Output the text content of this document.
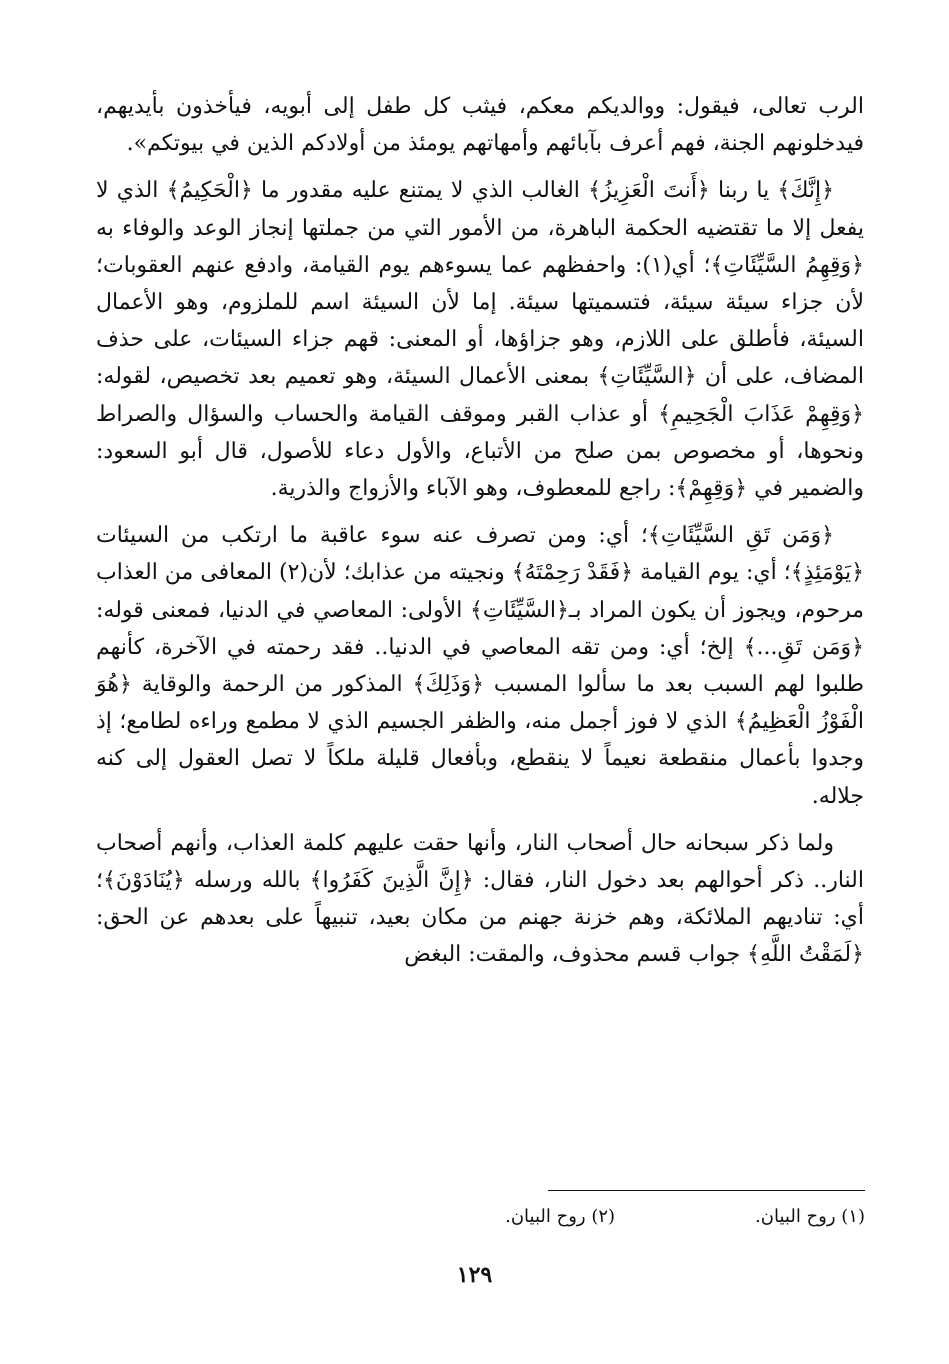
الرب تعالى، فيقول: ووالديكم معكم، فيثب كل طفل إلى أبويه، فيأخذون بأيديهم، فيدخلونهم الجنة، فهم أعرف بآبائهم وأمهاتهم يومئذ من أولادكم الذين في بيوتكم».

﴿إِنَّكَ﴾ يا ربنا ﴿أَنتَ الْعَزِيزُ﴾ الغالب الذي لا يمتنع عليه مقدور ما ﴿الْحَكِيمُ﴾ الذي لا يفعل إلا ما تقتضيه الحكمة الباهرة، من الأمور التي من جملتها إنجاز الوعد والوفاء به ﴿وَقِهِمُ السَّيِّئَاتِ﴾؛ أي(١): واحفظهم عما يسوءهم يوم القيامة، وادفع عنهم العقوبات؛ لأن جزاء سيئة سيئة، فتسميتها سيئة. إما لأن السيئة اسم للملزوم، وهو الأعمال السيئة، فأطلق على اللازم، وهو جزاؤها، أو المعنى: قهم جزاء السيئات، على حذف المضاف، على أن ﴿السَّيِّئَاتِ﴾ بمعنى الأعمال السيئة، وهو تعميم بعد تخصيص، لقوله: ﴿وَقِهِمْ عَذَابَ الْجَحِيمِ﴾ أو عذاب القبر وموقف القيامة والحساب والسؤال والصراط ونحوها، أو مخصوص بمن صلح من الأتباع، والأول دعاء للأصول، قال أبو السعود: والضمير في ﴿وَقِهِمْ﴾: راجع للمعطوف، وهو الآباء والأزواج والذرية.

﴿وَمَن تَقِ السَّيِّئَاتِ﴾؛ أي: ومن تصرف عنه سوء عاقبة ما ارتكب من السيئات ﴿يَوْمَئِذٍ﴾؛ أي: يوم القيامة ﴿فَقَدْ رَحِمْتَهُ﴾ ونجيته من عذابك؛ لأن(٢) المعافى من العذاب مرحوم، ويجوز أن يكون المراد بـ﴿السَّيِّئَاتِ﴾ الأولى: المعاصي في الدنيا، فمعنى قوله: ﴿وَمَن تَقِ...﴾ إلخ؛ أي: ومن تقه المعاصي في الدنيا.. فقد رحمته في الآخرة، كأنهم طلبوا لهم السبب بعد ما سألوا المسبب ﴿وَذَلِكَ﴾ المذكور من الرحمة والوقاية ﴿هُوَ الْفَوْزُ الْعَظِيمُ﴾ الذي لا فوز أجمل منه، والظفر الجسيم الذي لا مطمع وراءه لطامع؛ إذ وجدوا بأعمال منقطعة نعيماً لا ينقطع، وبأفعال قليلة ملكاً لا تصل العقول إلى كنه جلاله.

ولما ذكر سبحانه حال أصحاب النار، وأنها حقت عليهم كلمة العذاب، وأنهم أصحاب النار.. ذكر أحوالهم بعد دخول النار، فقال: ﴿إِنَّ الَّذِينَ كَفَرُوا﴾ بالله ورسله ﴿يُنَادَوْنَ﴾؛ أي: تناديهم الملائكة، وهم خزنة جهنم من مكان بعيد، تنبيهاً على بعدهم عن الحق: ﴿لَمَقْتُ اللَّهِ﴾ جواب قسم محذوف، والمقت: البغض

(١) روح البيان.
(٢) روح البيان.
١٢٩
